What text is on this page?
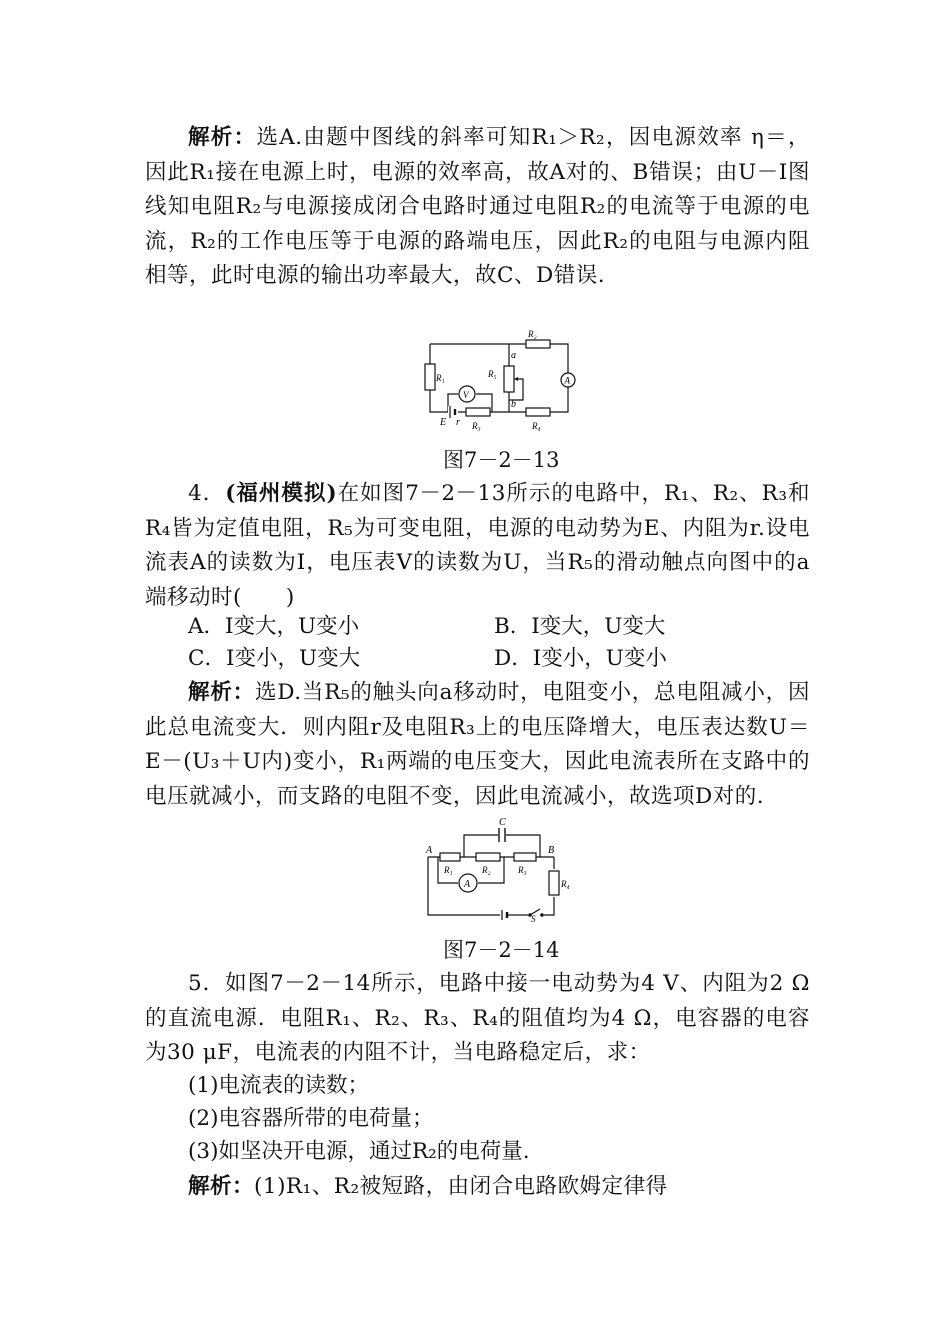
解析：选A.由题中图线的斜率可知R₁＞R₂，因电源效率 η＝，因此R₁接在电源上时，电源的效率高，故A对的、B错误；由U－I图线知电阻R₂与电源接成闭合电路时通过电阻R₂的电流等于电源的电流，R₂的工作电压等于电源的路端电压，因此R₂的电阻与电源内阻相等，此时电源的输出功率最大，故C、D错误.
A
V
R₂
R₁	R₅
a
b
E r R₃	R₄
图7－2－13
4．(福州模拟)在如图7－2－13所示的电路中，R₁、R₂、R₃和R₄皆为定值电阻，R₅为可变电阻，电源的电动势为E、内阻为r.设电流表A的读数为I，电压表V的读数为U，当R₅的滑动触点向图中的a端移动时(　　)
A．I变大，U变小	B．I变大，U变大
C．I变小，U变大	D．I变小，U变小
解析：选D.当R₅的触头向a移动时，电阻变小，总电阻减小，因此总电流变大．则内阻r及电阻R₃上的电压降增大，电压表达数U＝E－(U₃＋U内)变小，R₁两端的电压变大，因此电流表所在支路中的电压就减小，而支路的电阻不变，因此电流减小，故选项D对的.
A
C
A	B
R₁	R₂	R₃
R₄
S
图7－2－14
5．如图7－2－14所示，电路中接一电动势为4 V、内阻为2 Ω 的直流电源．电阻R₁、R₂、R₃、R₄的阻值均为4 Ω，电容器的电容为30 μF，电流表的内阻不计，当电路稳定后，求：
(1)电流表的读数；
(2)电容器所带的电荷量；
(3)如坚决开电源，通过R₂的电荷量.
解析：(1)R₁、R₂被短路，由闭合电路欧姆定律得
